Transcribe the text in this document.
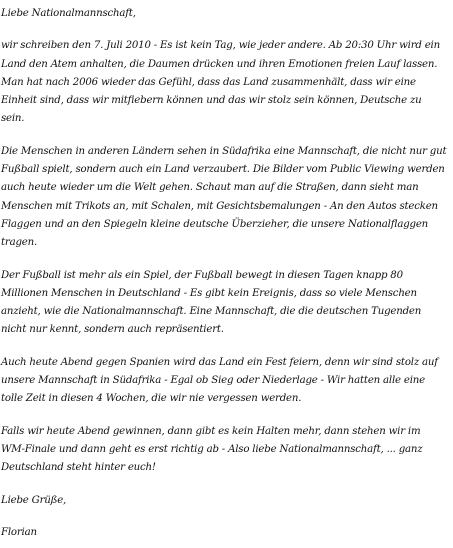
Liebe Nationalmannschaft,

wir schreiben den 7. Juli 2010 - Es ist kein Tag, wie jeder andere. Ab 20:30 Uhr wird ein Land den Atem anhalten, die Daumen drücken und ihren Emotionen freien Lauf lassen. Man hat nach 2006 wieder das Gefühl, dass das Land zusammenhält, dass wir eine Einheit sind, dass wir mitfiebern können und das wir stolz sein können, Deutsche zu sein.

Die Menschen in anderen Ländern sehen in Südafrika eine Mannschaft, die nicht nur gut Fußball spielt, sondern auch ein Land verzaubert. Die Bilder vom Public Viewing werden auch heute wieder um die Welt gehen. Schaut man auf die Straßen, dann sieht man Menschen mit Trikots an, mit Schalen, mit Gesichtsbemalungen - An den Autos stecken Flaggen und an den Spiegeln kleine deutsche Überzieher, die unsere Nationalflaggen tragen.

Der Fußball ist mehr als ein Spiel, der Fußball bewegt in diesen Tagen knapp 80 Millionen Menschen in Deutschland - Es gibt kein Ereignis, dass so viele Menschen anzieht, wie die Nationalmannschaft. Eine Mannschaft, die die deutschen Tugenden nicht nur kennt, sondern auch repräsentiert.

Auch heute Abend gegen Spanien wird das Land ein Fest feiern, denn wir sind stolz auf unsere Mannschaft in Südafrika - Egal ob Sieg oder Niederlage - Wir hatten alle eine tolle Zeit in diesen 4 Wochen, die wir nie vergessen werden.

Falls wir heute Abend gewinnen, dann gibt es kein Halten mehr, dann stehen wir im WM-Finale und dann geht es erst richtig ab - Also liebe Nationalmannschaft, ... ganz Deutschland steht hinter euch!

Liebe Grüße,

Florian
